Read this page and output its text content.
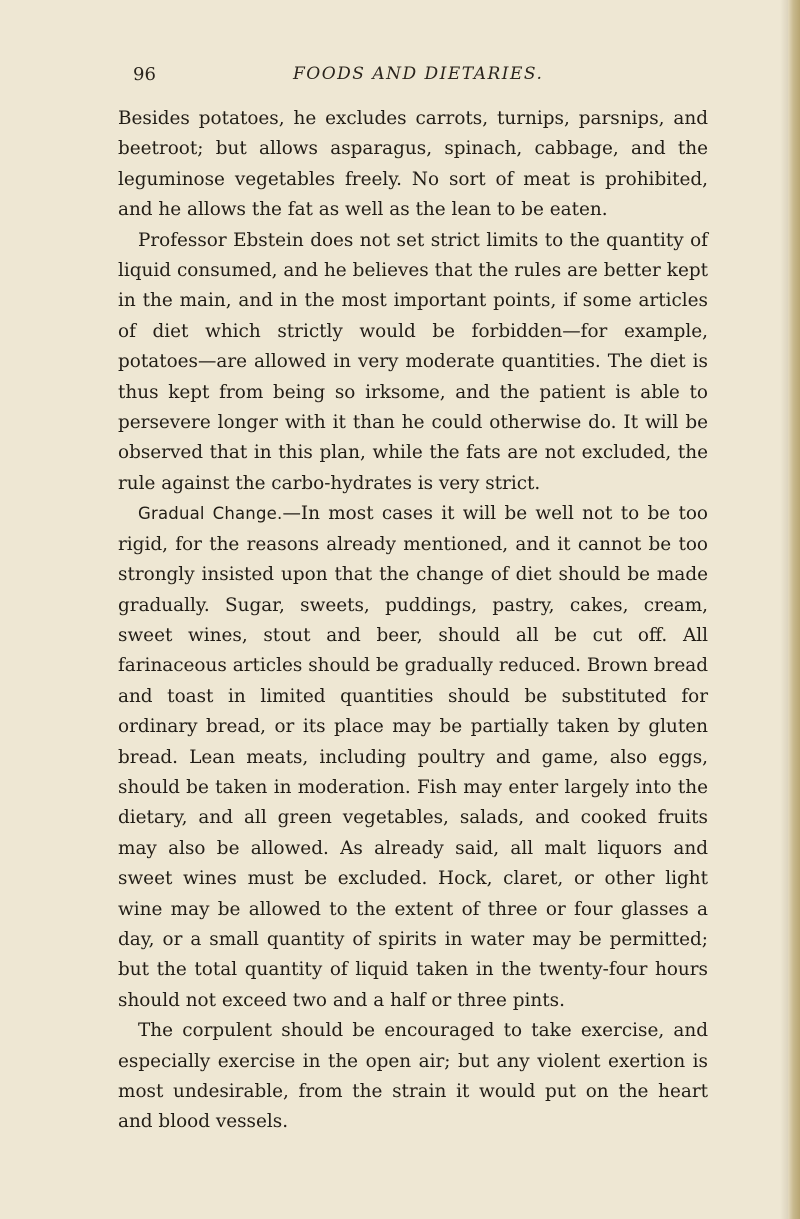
96	FOODS AND DIETARIES.

Besides potatoes, he excludes carrots, turnips, parsnips, and beetroot; but allows asparagus, spinach, cabbage, and the leguminose vegetables freely. No sort of meat is prohibited, and he allows the fat as well as the lean to be eaten.

Professor Ebstein does not set strict limits to the quantity of liquid consumed, and he believes that the rules are better kept in the main, and in the most important points, if some articles of diet which strictly would be forbidden—for example, potatoes—are allowed in very moderate quantities. The diet is thus kept from being so irksome, and the patient is able to persevere longer with it than he could otherwise do. It will be observed that in this plan, while the fats are not excluded, the rule against the carbo-hydrates is very strict.

Gradual Change.—In most cases it will be well not to be too rigid, for the reasons already mentioned, and it cannot be too strongly insisted upon that the change of diet should be made gradually. Sugar, sweets, puddings, pastry, cakes, cream, sweet wines, stout and beer, should all be cut off. All farinaceous articles should be gradually reduced. Brown bread and toast in limited quantities should be substituted for ordinary bread, or its place may be partially taken by gluten bread. Lean meats, including poultry and game, also eggs, should be taken in moderation. Fish may enter largely into the dietary, and all green vegetables, salads, and cooked fruits may also be allowed. As already said, all malt liquors and sweet wines must be excluded. Hock, claret, or other light wine may be allowed to the extent of three or four glasses a day, or a small quantity of spirits in water may be permitted; but the total quantity of liquid taken in the twenty-four hours should not exceed two and a half or three pints.

The corpulent should be encouraged to take exercise, and especially exercise in the open air; but any violent exertion is most undesirable, from the strain it would put on the heart and blood vessels.
